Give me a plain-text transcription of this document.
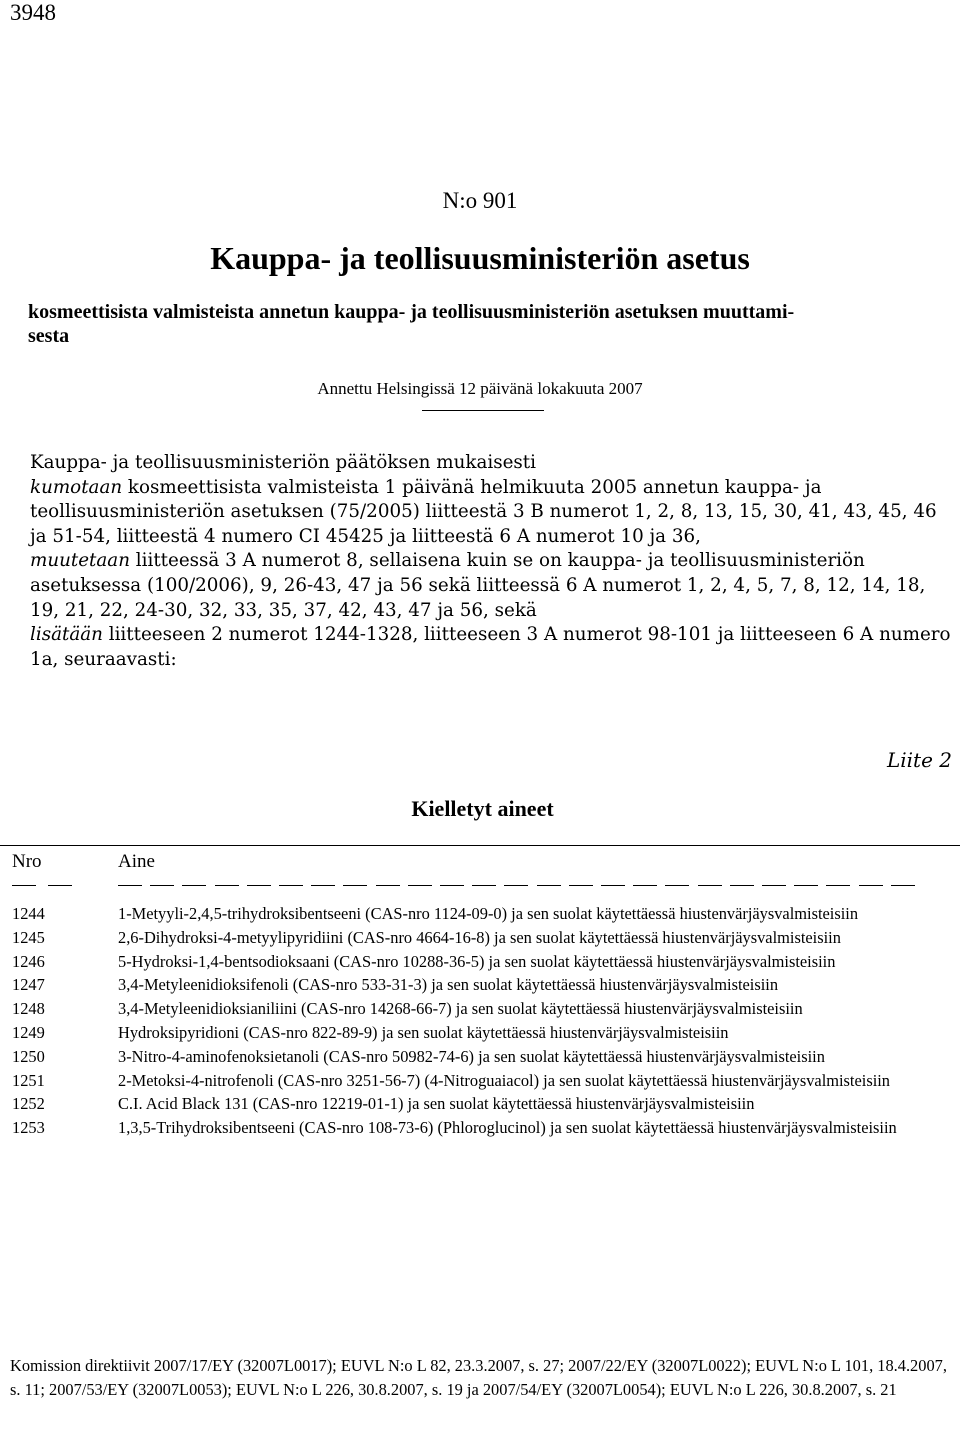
3948
N:o 901
Kauppa- ja teollisuusministeriön asetus
kosmeettisista valmisteista annetun kauppa- ja teollisuusministeriön asetuksen muuttami-
sesta
Annettu Helsingissä 12 päivänä lokakuuta 2007

Kauppa- ja teollisuusministeriön päätöksen mukaisesti

kumotaan kosmeettisista valmisteista 1 päivänä helmikuuta 2005 annetun kauppa- ja teollisuusministeriön asetuksen (75/2005) liitteestä 3 B numerot 1, 2, 8, 13, 15, 30, 41, 43, 45, 46 ja 51-54, liitteestä 4 numero CI 45425 ja liitteestä 6 A numerot 10 ja 36,

muutetaan liitteessä 3 A numerot 8, sellaisena kuin se on kauppa- ja teollisuusministeriön asetuksessa (100/2006), 9, 26-43, 47 ja 56 sekä liitteessä 6 A numerot 1, 2, 4, 5, 7, 8, 12, 14, 18, 19, 21, 22, 24-30, 32, 33, 35, 37, 42, 43, 47 ja 56, sekä

lisätään liitteeseen 2 numerot 1244-1328, liitteeseen 3 A numerot 98-101 ja liitteeseen 6 A numero 1a, seuraavasti:

Liite 2
Kielletyt aineet
Nro	Aine
1244	1-Metyyli-2,4,5-trihydroksibentseeni (CAS-nro 1124-09-0) ja sen suolat käytettäessä hiustenvärjäysvalmisteisiin
1245	2,6-Dihydroksi-4-metyylipyridiini (CAS-nro 4664-16-8) ja sen suolat käytettäessä hiustenvärjäysvalmisteisiin
1246	5-Hydroksi-1,4-bentsodioksaani (CAS-nro 10288-36-5) ja sen suolat käytettäessä hiustenvärjäysvalmisteisiin
1247	3,4-Metyleenidioksifenoli (CAS-nro 533-31-3) ja sen suolat käytettäessä hiustenvärjäysvalmisteisiin
1248	3,4-Metyleenidioksianiliini (CAS-nro 14268-66-7) ja sen suolat käytettäessä hiustenvärjäysvalmisteisiin
1249	Hydroksipyridioni (CAS-nro 822-89-9) ja sen suolat käytettäessä hiustenvärjäysvalmisteisiin
1250	3-Nitro-4-aminofenoksietanoli (CAS-nro 50982-74-6) ja sen suolat käytettäessä hiustenvärjäysvalmisteisiin
1251	2-Metoksi-4-nitrofenoli (CAS-nro 3251-56-7) (4-Nitroguaiacol) ja sen suolat käytettäessä hiustenvärjäysvalmisteisiin
1252	C.I. Acid Black 131 (CAS-nro 12219-01-1) ja sen suolat käytettäessä hiustenvärjäysvalmisteisiin
1253	1,3,5-Trihydroksibentseeni (CAS-nro 108-73-6) (Phloroglucinol) ja sen suolat käytettäessä hiustenvärjäysvalmisteisiin
Komission direktiivit 2007/17/EY (32007L0017); EUVL N:o L 82, 23.3.2007, s. 27; 2007/22/EY (32007L0022); EUVL N:o L 101, 18.4.2007, s. 11; 2007/53/EY (32007L0053); EUVL N:o L 226, 30.8.2007, s. 19 ja 2007/54/EY (32007L0054); EUVL N:o L 226, 30.8.2007, s. 21
